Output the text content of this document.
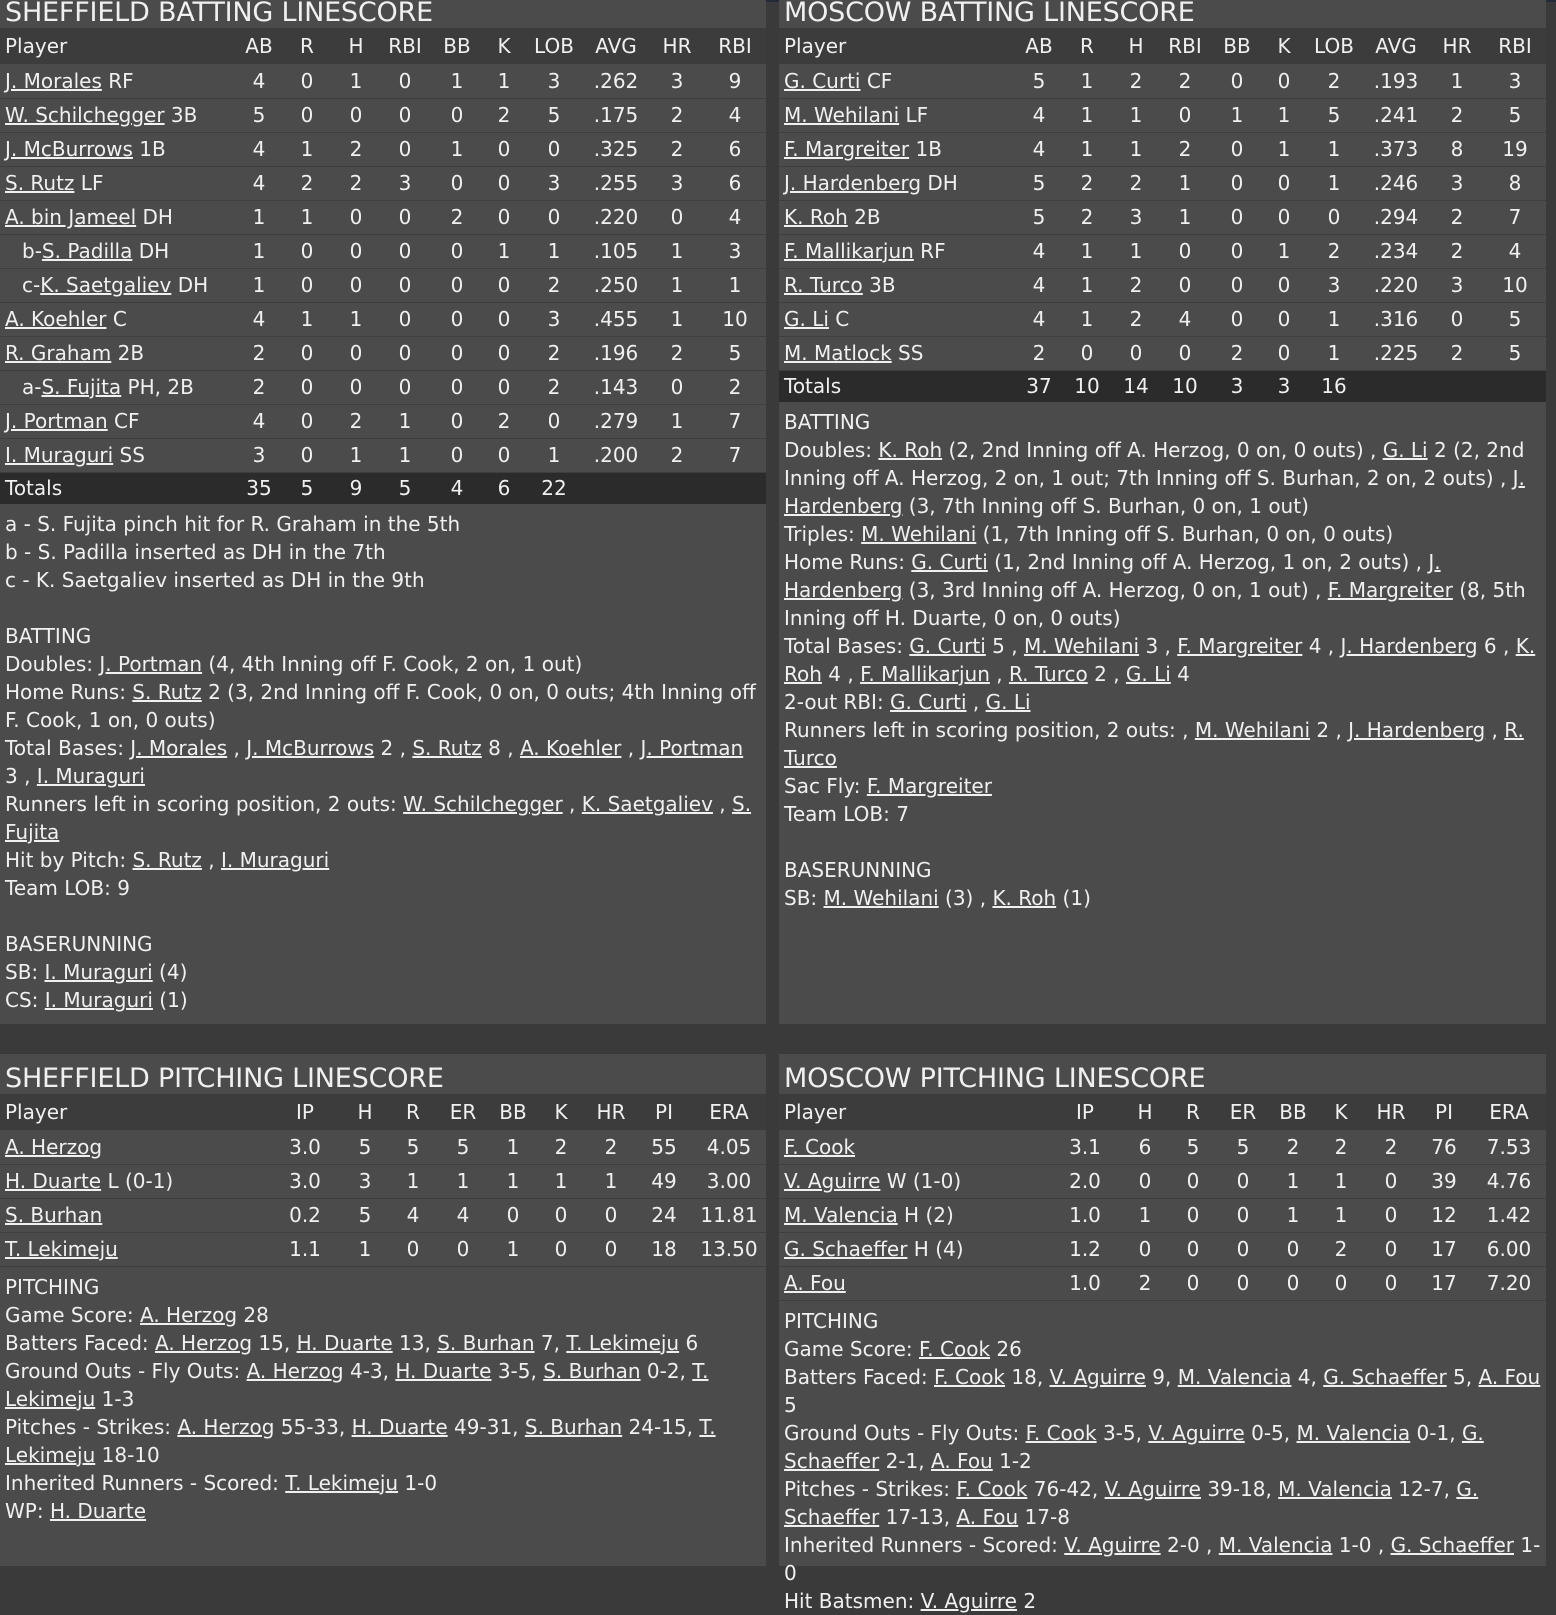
SHEFFIELD BATTING LINESCORE
Player	AB	R	H	RBI	BB	K	LOB	AVG	HR	RBI
J. Morales RF	4	0	1	0	1	1	3	.262	3	9
W. Schilchegger 3B	5	0	0	0	0	2	5	.175	2	4
J. McBurrows 1B	4	1	2	0	1	0	0	.325	2	6
S. Rutz LF	4	2	2	3	0	0	3	.255	3	6
A. bin Jameel DH	1	1	0	0	2	0	0	.220	0	4
b-S. Padilla DH	1	0	0	0	0	1	1	.105	1	3
c-K. Saetgaliev DH	1	0	0	0	0	0	2	.250	1	1
A. Koehler C	4	1	1	0	0	0	3	.455	1	10
R. Graham 2B	2	0	0	0	0	0	2	.196	2	5
a-S. Fujita PH, 2B	2	0	0	0	0	0	2	.143	0	2
J. Portman CF	4	0	2	1	0	2	0	.279	1	7
I. Muraguri SS	3	0	1	1	0	0	1	.200	2	7
Totals	35	5	9	5	4	6	22			

a - S. Fujita pinch hit for R. Graham in the 5th

b - S. Padilla inserted as DH in the 7th

c - K. Saetgaliev inserted as DH in the 9th

BATTING

Doubles: J. Portman (4, 4th Inning off F. Cook, 2 on, 1 out)

Home Runs: S. Rutz 2 (3, 2nd Inning off F. Cook, 0 on, 0 outs; 4th Inning off F. Cook, 1 on, 0 outs)

Total Bases: J. Morales , J. McBurrows 2 , S. Rutz 8 , A. Koehler , J. Portman 3 , I. Muraguri

Runners left in scoring position, 2 outs: W. Schilchegger , K. Saetgaliev , S. Fujita

Hit by Pitch: S. Rutz , I. Muraguri

Team LOB: 9

BASERUNNING

SB: I. Muraguri (4)

CS: I. Muraguri (1)

MOSCOW BATTING LINESCORE
Player	AB	R	H	RBI	BB	K	LOB	AVG	HR	RBI
G. Curti CF	5	1	2	2	0	0	2	.193	1	3
M. Wehilani LF	4	1	1	0	1	1	5	.241	2	5
F. Margreiter 1B	4	1	1	2	0	1	1	.373	8	19
J. Hardenberg DH	5	2	2	1	0	0	1	.246	3	8
K. Roh 2B	5	2	3	1	0	0	0	.294	2	7
F. Mallikarjun RF	4	1	1	0	0	1	2	.234	2	4
R. Turco 3B	4	1	2	0	0	0	3	.220	3	10
G. Li C	4	1	2	4	0	0	1	.316	0	5
M. Matlock SS	2	0	0	0	2	0	1	.225	2	5
Totals	37	10	14	10	3	3	16			

BATTING

Doubles: K. Roh (2, 2nd Inning off A. Herzog, 0 on, 0 outs) , G. Li 2 (2, 2nd Inning off A. Herzog, 2 on, 1 out; 7th Inning off S. Burhan, 2 on, 2 outs) , J. Hardenberg (3, 7th Inning off S. Burhan, 0 on, 1 out)

Triples: M. Wehilani (1, 7th Inning off S. Burhan, 0 on, 0 outs)

Home Runs: G. Curti (1, 2nd Inning off A. Herzog, 1 on, 2 outs) , J. Hardenberg (3, 3rd Inning off A. Herzog, 0 on, 1 out) , F. Margreiter (8, 5th Inning off H. Duarte, 0 on, 0 outs)

Total Bases: G. Curti 5 , M. Wehilani 3 , F. Margreiter 4 , J. Hardenberg 6 , K. Roh 4 , F. Mallikarjun , R. Turco 2 , G. Li 4

2-out RBI: G. Curti , G. Li

Runners left in scoring position, 2 outs: , M. Wehilani 2 , J. Hardenberg , R. Turco

Sac Fly: F. Margreiter

Team LOB: 7

BASERUNNING

SB: M. Wehilani (3) , K. Roh (1)

SHEFFIELD PITCHING LINESCORE
Player	IP	H	R	ER	BB	K	HR	PI	ERA
A. Herzog	3.0	5	5	5	1	2	2	55	4.05
H. Duarte L (0-1)	3.0	3	1	1	1	1	1	49	3.00
S. Burhan	0.2	5	4	4	0	0	0	24	11.81
T. Lekimeju	1.1	1	0	0	1	0	0	18	13.50

PITCHING

Game Score: A. Herzog 28

Batters Faced: A. Herzog 15, H. Duarte 13, S. Burhan 7, T. Lekimeju 6

Ground Outs - Fly Outs: A. Herzog 4-3, H. Duarte 3-5, S. Burhan 0-2, T. Lekimeju 1-3

Pitches - Strikes: A. Herzog 55-33, H. Duarte 49-31, S. Burhan 24-15, T. Lekimeju 18-10

Inherited Runners - Scored: T. Lekimeju 1-0

WP: H. Duarte

MOSCOW PITCHING LINESCORE
Player	IP	H	R	ER	BB	K	HR	PI	ERA
F. Cook	3.1	6	5	5	2	2	2	76	7.53
V. Aguirre W (1-0)	2.0	0	0	0	1	1	0	39	4.76
M. Valencia H (2)	1.0	1	0	0	1	1	0	12	1.42
G. Schaeffer H (4)	1.2	0	0	0	0	2	0	17	6.00
A. Fou	1.0	2	0	0	0	0	0	17	7.20

PITCHING

Game Score: F. Cook 26

Batters Faced: F. Cook 18, V. Aguirre 9, M. Valencia 4, G. Schaeffer 5, A. Fou 5

Ground Outs - Fly Outs: F. Cook 3-5, V. Aguirre 0-5, M. Valencia 0-1, G. Schaeffer 2-1, A. Fou 1-2

Pitches - Strikes: F. Cook 76-42, V. Aguirre 39-18, M. Valencia 12-7, G. Schaeffer 17-13, A. Fou 17-8

Inherited Runners - Scored: V. Aguirre 2-0 , M. Valencia 1-0 , G. Schaeffer 1-0

Hit Batsmen: V. Aguirre 2
